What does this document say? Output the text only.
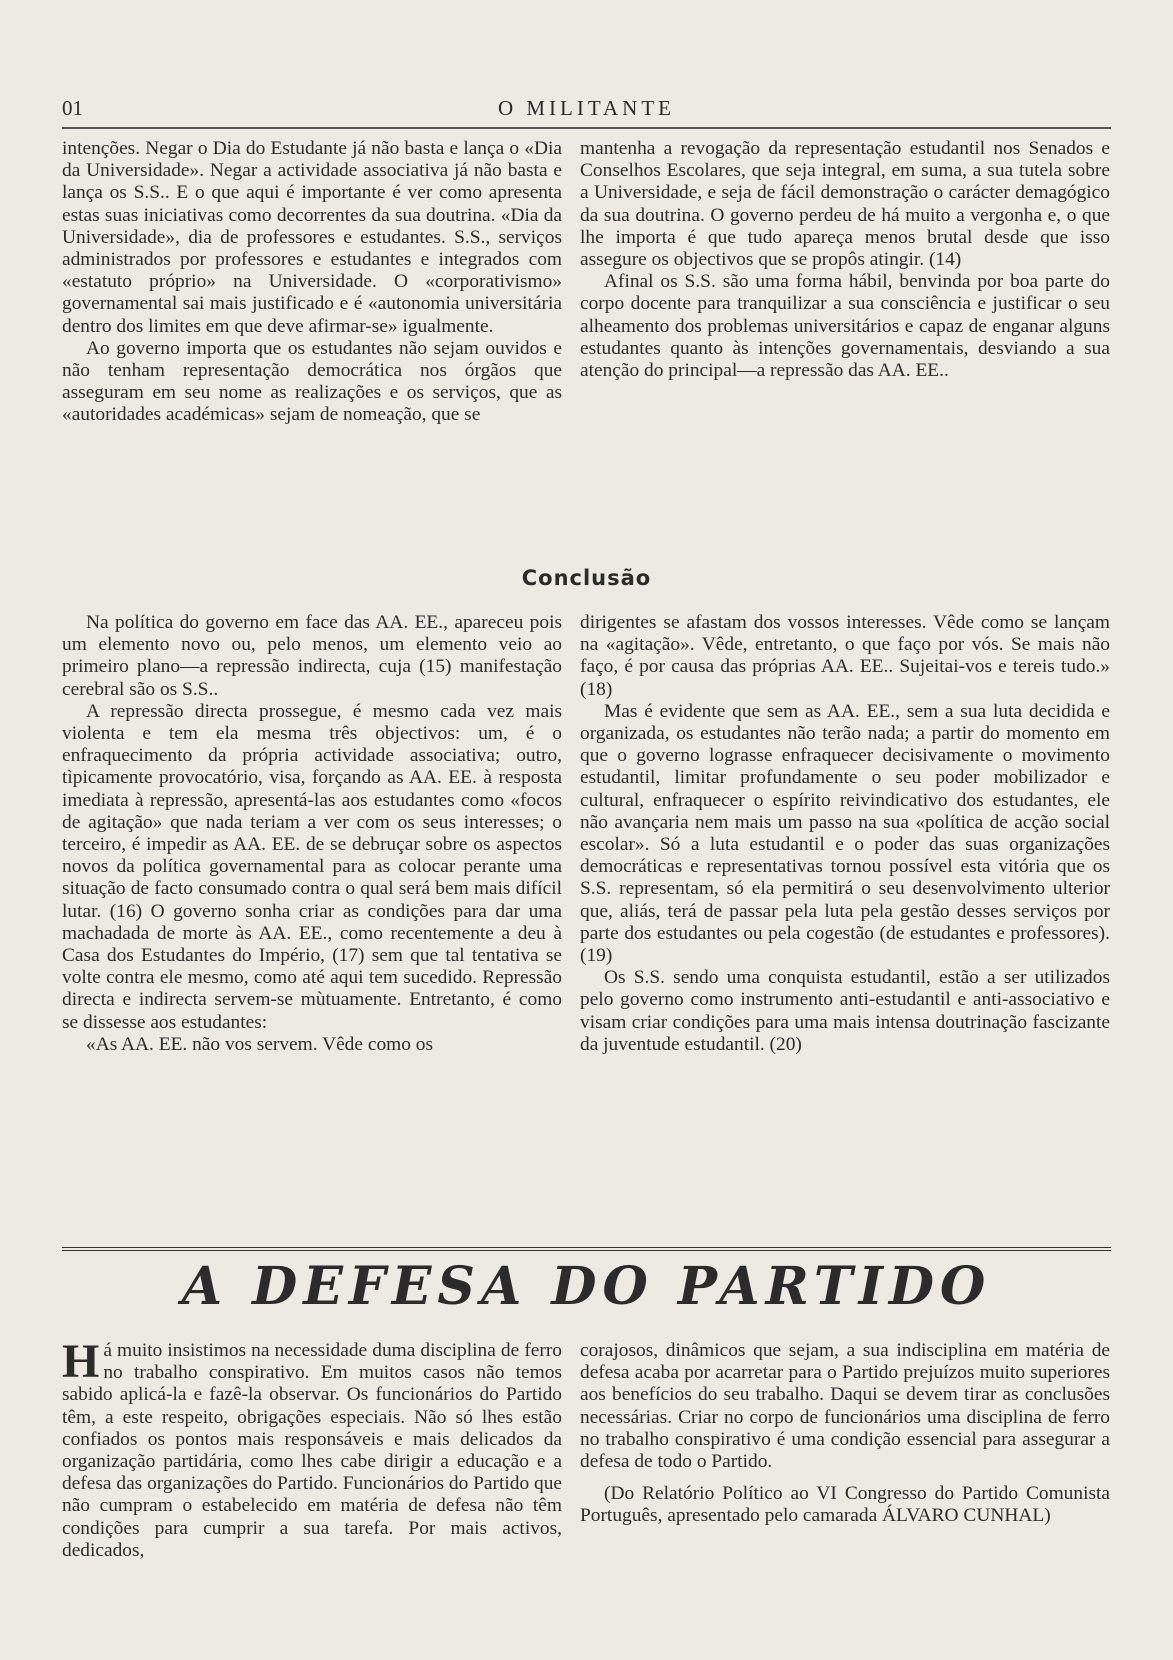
01	O MILITANTE

intenções. Negar o Dia do Estudante já não basta e lança o «Dia da Universidade». Negar a actividade associativa já não basta e lança os S.S.. E o que aqui é importante é ver como apresenta estas suas iniciativas como decorrentes da sua doutrina. «Dia da Universidade», dia de professores e estudantes. S.S., serviços administrados por professores e estudantes e integrados com «estatuto próprio» na Universidade. O «corporativismo» governamental sai mais justificado e é «autonomia universitária dentro dos limites em que deve afirmar-se» igualmente.

Ao governo importa que os estudantes não sejam ouvidos e não tenham representação democrática nos órgãos que asseguram em seu nome as realizações e os serviços, que as «autoridades académicas» sejam de nomeação, que se

mantenha a revogação da representação estudantil nos Senados e Conselhos Escolares, que seja integral, em suma, a sua tutela sobre a Universidade, e seja de fácil demonstração o carácter demagógico da sua doutrina. O governo perdeu de há muito a vergonha e, o que lhe importa é que tudo apareça menos brutal desde que isso assegure os objectivos que se propôs atingir. (14)

Afinal os S.S. são uma forma hábil, benvinda por boa parte do corpo docente para tranquilizar a sua consciência e justificar o seu alheamento dos problemas universitários e capaz de enganar alguns estudantes quanto às intenções governamentais, desviando a sua atenção do principal—a repressão das AA. EE..

Conclusão

Na política do governo em face das AA. EE., apareceu pois um elemento novo ou, pelo menos, um elemento veio ao primeiro plano—a repressão indirecta, cuja (15) manifestação cerebral são os S.S..

A repressão directa prossegue, é mesmo cada vez mais violenta e tem ela mesma três objectivos: um, é o enfraquecimento da própria actividade associativa; outro, tìpicamente provocatório, visa, forçando as AA. EE. à resposta imediata à repressão, apresentá-las aos estudantes como «focos de agitação» que nada teriam a ver com os seus interesses; o terceiro, é impedir as AA. EE. de se debruçar sobre os aspectos novos da política governamental para as colocar perante uma situação de facto consumado contra o qual será bem mais difícil lutar. (16) O governo sonha criar as condições para dar uma machadada de morte às AA. EE., como recentemente a deu à Casa dos Estudantes do Império, (17) sem que tal tentativa se volte contra ele mesmo, como até aqui tem sucedido. Repressão directa e indirecta servem-se mùtuamente. Entretanto, é como se dissesse aos estudantes:

«As AA. EE. não vos servem. Vêde como os

dirigentes se afastam dos vossos interesses. Vêde como se lançam na «agitação». Vêde, entretanto, o que faço por vós. Se mais não faço, é por causa das próprias AA. EE.. Sujeitai-vos e tereis tudo.» (18)

Mas é evidente que sem as AA. EE., sem a sua luta decidida e organizada, os estudantes não terão nada; a partir do momento em que o governo lograsse enfraquecer decisivamente o movimento estudantil, limitar profundamente o seu poder mobilizador e cultural, enfraquecer o espírito reivindicativo dos estudantes, ele não avançaria nem mais um passo na sua «política de acção social escolar». Só a luta estudantil e o poder das suas organizações democráticas e representativas tornou possível esta vitória que os S.S. representam, só ela permitirá o seu desenvolvimento ulterior que, aliás, terá de passar pela luta pela gestão desses serviços por parte dos estudantes ou pela cogestão (de estudantes e professores). (19)

Os S.S. sendo uma conquista estudantil, estão a ser utilizados pelo governo como instrumento anti-estudantil e anti-associativo e visam criar condições para uma mais intensa doutrinação fascizante da juventude estudantil. (20)

A DEFESA DO PARTIDO

Há muito insistimos na necessidade duma disciplina de ferro no trabalho conspirativo. Em muitos casos não temos sabido aplicá-la e fazê-la observar. Os funcionários do Partido têm, a este respeito, obrigações especiais. Não só lhes estão confiados os pontos mais responsáveis e mais delicados da organização partidária, como lhes cabe dirigir a educação e a defesa das organizações do Partido. Funcionários do Partido que não cumpram o estabelecido em matéria de defesa não têm condições para cumprir a sua tarefa. Por mais activos, dedicados,

corajosos, dinâmicos que sejam, a sua indisciplina em matéria de defesa acaba por acarretar para o Partido prejuízos muito superiores aos benefícios do seu trabalho. Daqui se devem tirar as conclusões necessárias. Criar no corpo de funcionários uma disciplina de ferro no trabalho conspirativo é uma condição essencial para assegurar a defesa de todo o Partido.

(Do Relatório Político ao VI Congresso do Partido Comunista Português, apresentado pelo camarada ÁLVARO CUNHAL)
